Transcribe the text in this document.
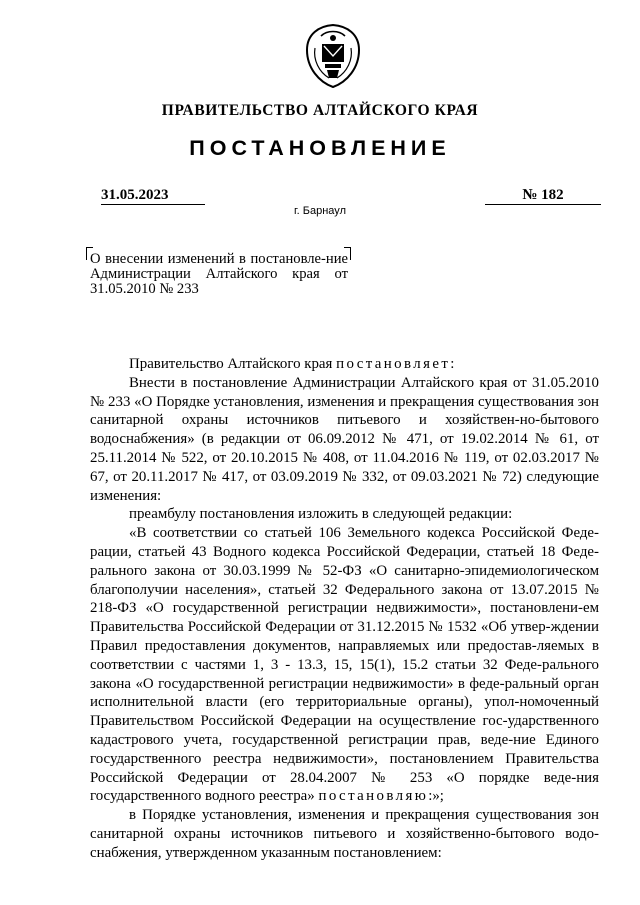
ПРАВИТЕЛЬСТВО АЛТАЙСКОГО КРАЯ
ПОСТАНОВЛЕНИЕ
31.05.2023	№ 182
г. Барнаул
О внесении изменений в постановле-ние Администрации Алтайского края от 31.05.2010 № 233

Правительство Алтайского края постановляет:

Внести в постановление Администрации Алтайского края от 31.05.2010 № 233 «О Порядке установления, изменения и прекращения существования зон санитарной охраны источников питьевого и хозяйствен-но-бытового водоснабжения» (в редакции от 06.09.2012 № 471, от 19.02.2014 № 61, от 25.11.2014 № 522, от 20.10.2015 № 408, от 11.04.2016 № 119, от 02.03.2017 № 67, от 20.11.2017 № 417, от 03.09.2019 № 332, от 09.03.2021 № 72) следующие изменения:

преамбулу постановления изложить в следующей редакции:

«В соответствии со статьей 106 Земельного кодекса Российской Феде-рации, статьей 43 Водного кодекса Российской Федерации, статьей 18 Феде-рального закона от 30.03.1999 № 52-ФЗ «О санитарно-эпидемиологическом благополучии населения», статьей 32 Федерального закона от 13.07.2015 № 218-ФЗ «О государственной регистрации недвижимости», постановлени-ем Правительства Российской Федерации от 31.12.2015 № 1532 «Об утвер-ждении Правил предоставления документов, направляемых или предостав-ляемых в соответствии с частями 1, 3 - 13.3, 15, 15(1), 15.2 статьи 32 Феде-рального закона «О государственной регистрации недвижимости» в феде-ральный орган исполнительной власти (его территориальные органы), упол-номоченный Правительством Российской Федерации на осуществление гос-ударственного кадастрового учета, государственной регистрации прав, веде-ние Единого государственного реестра недвижимости», постановлением Правительства Российской Федерации от 28.04.2007 № 253 «О порядке веде-ния государственного водного реестра» постановляю:»;

в Порядке установления, изменения и прекращения существования зон санитарной охраны источников питьевого и хозяйственно-бытового водо-снабжения, утвержденном указанным постановлением:
